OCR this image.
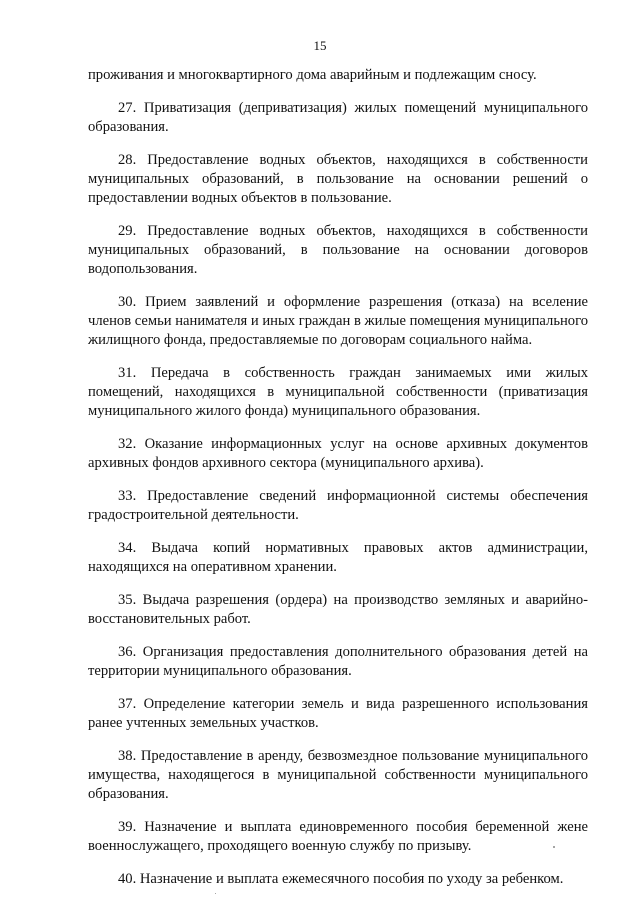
15

проживания и многоквартирного дома аварийным и подлежащим сносу.

27. Приватизация (деприватизация) жилых помещений муниципального образования.

28. Предоставление водных объектов, находящихся в собственности муниципальных образований, в пользование на основании решений о предоставлении водных объектов в пользование.

29. Предоставление водных объектов, находящихся в собственности муниципальных образований, в пользование на основании договоров водопользования.

30. Прием заявлений и оформление разрешения (отказа) на вселение членов семьи нанимателя и иных граждан в жилые помещения муниципального жилищного фонда, предоставляемые по договорам социального найма.

31. Передача в собственность граждан занимаемых ими жилых помещений, находящихся в муниципальной собственности (приватизация муниципального жилого фонда) муниципального образования.

32. Оказание информационных услуг на основе архивных документов архивных фондов архивного сектора (муниципального архива).

33. Предоставление сведений информационной системы обеспечения градостроительной деятельности.

34. Выдача копий нормативных правовых актов администрации, находящихся на оперативном хранении.

35. Выдача разрешения (ордера) на производство земляных и аварийно-восстановительных работ.

36. Организация предоставления дополнительного образования детей на территории муниципального образования.

37. Определение категории земель и вида разрешенного использования ранее учтенных земельных участков.

38. Предоставление в аренду, безвозмездное пользование муниципального имущества, находящегося в муниципальной собственности муниципального образования.

39. Назначение и выплата единовременного пособия беременной жене военнослужащего, проходящего военную службу по призыву.

40. Назначение и выплата ежемесячного пособия по уходу за ребенком.
